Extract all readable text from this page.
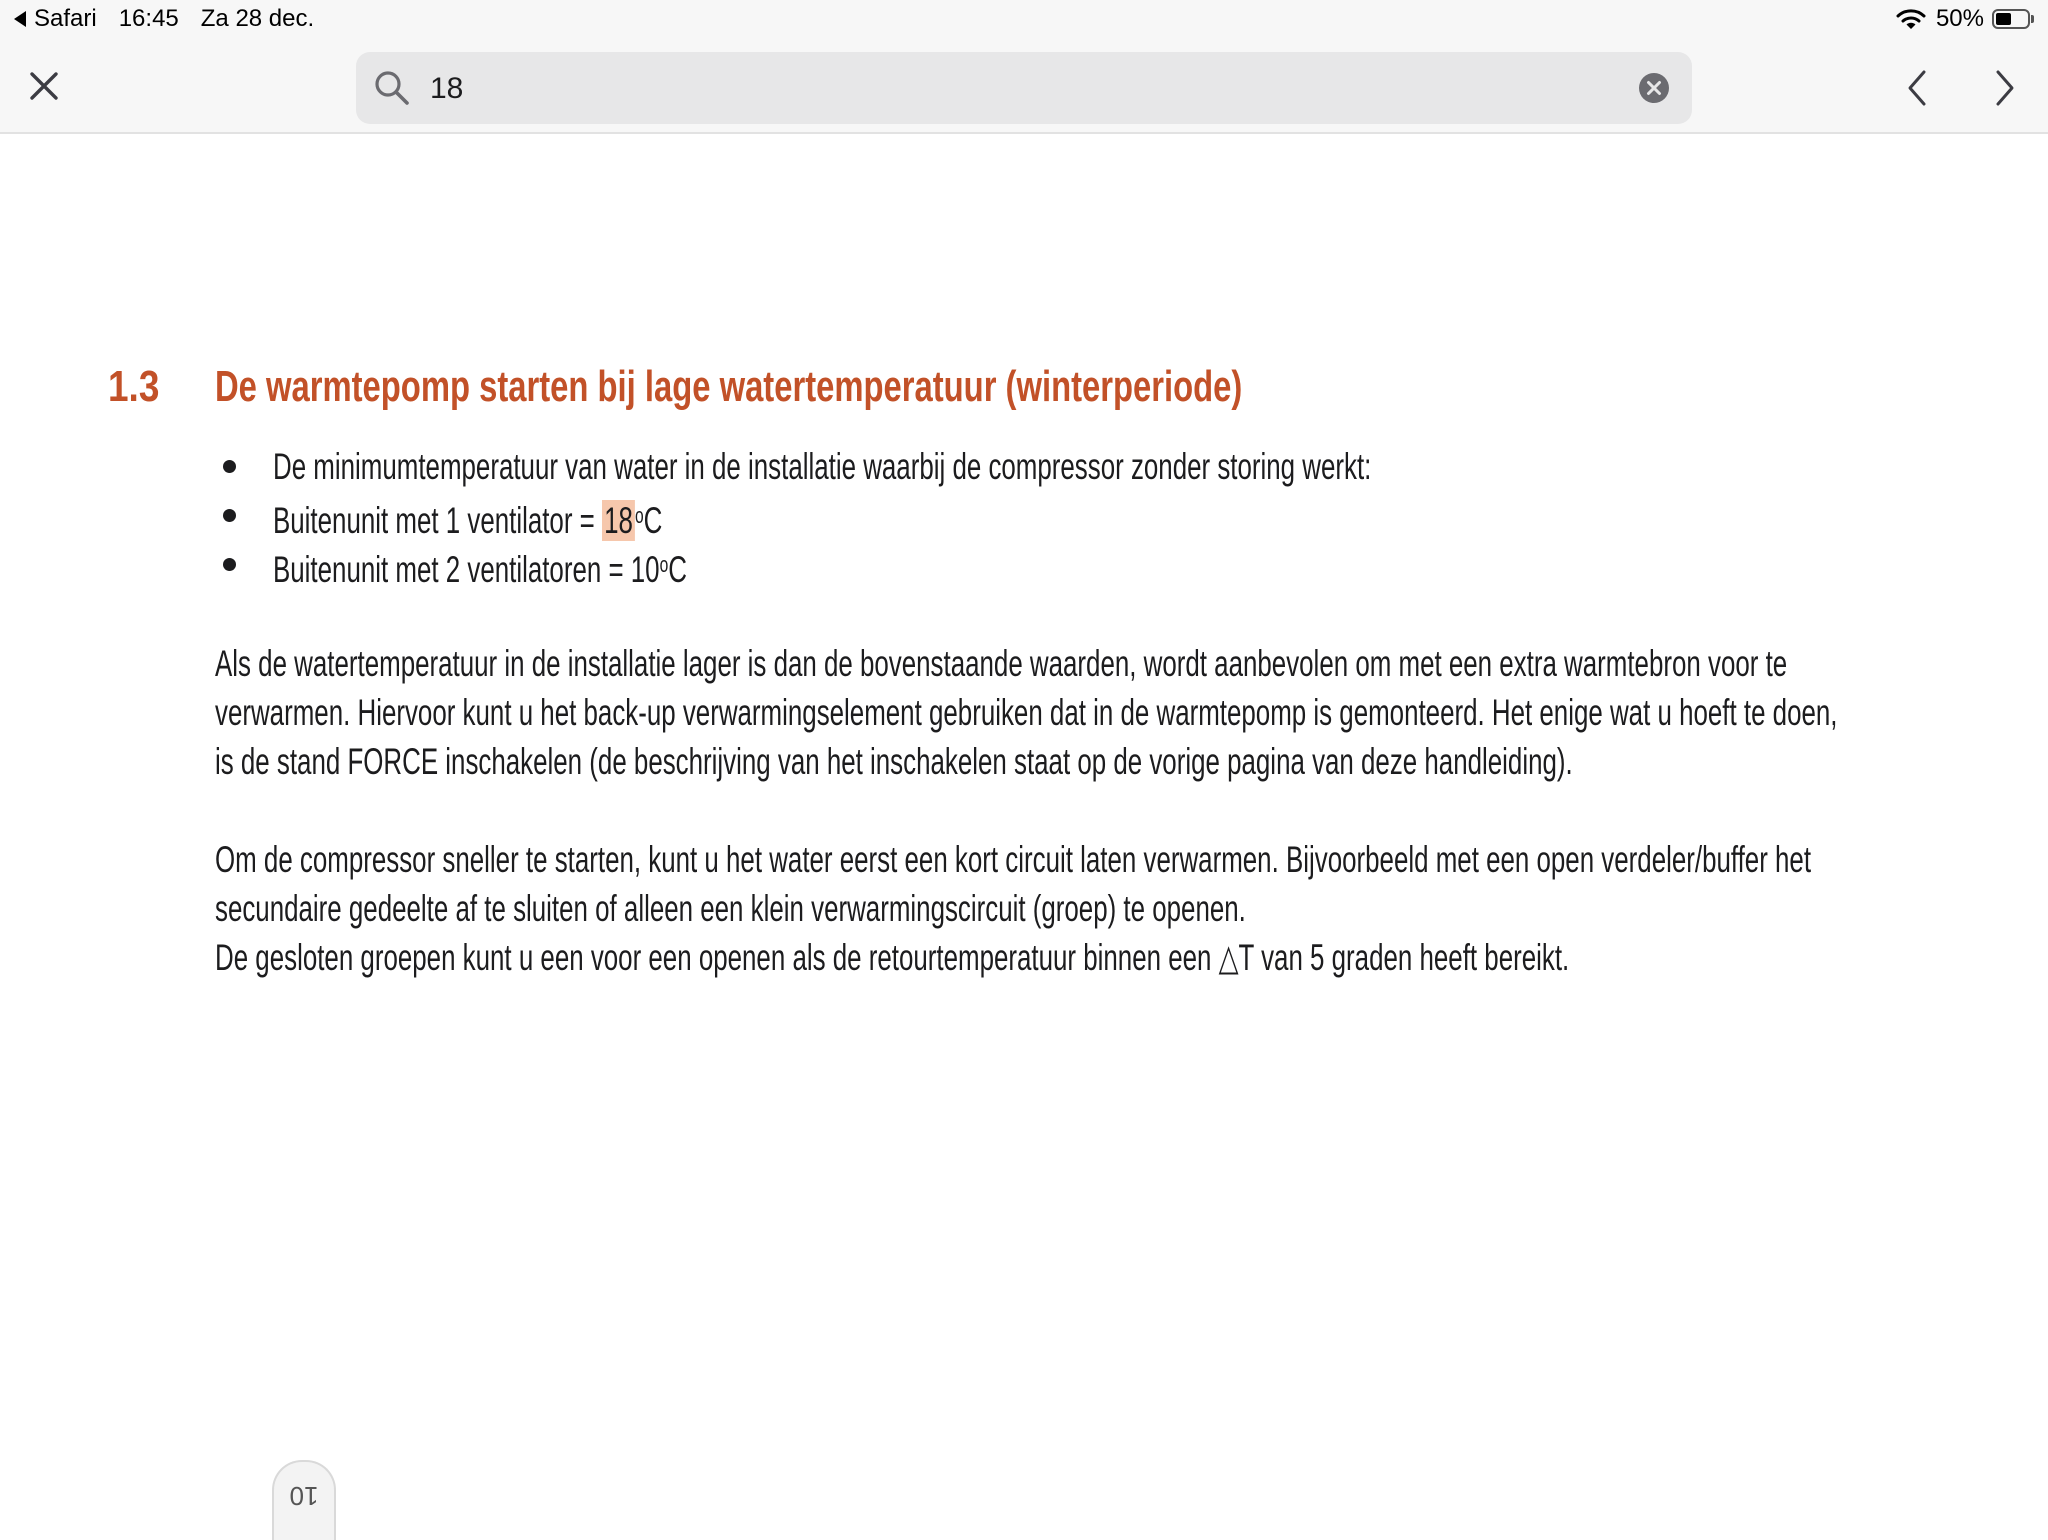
Safari 16:45 Za 28 dec.	50%
18
1.3 De warmtepomp starten bij lage watertemperatuur (winterperiode)
De minimumtemperatuur van water in de installatie waarbij de compressor zonder storing werkt:
Buitenunit met 1 ventilator = $18^oC$
Buitenunit met 2 ventilatoren = $10^oC$
Als de watertemperatuur in de installatie lager is dan de bovenstaande waarden, wordt aanbevolen om met een extra warmtebron voor te
verwarmen. Hiervoor kunt u het back-up verwarmingselement gebruiken dat in de warmtepomp is gemonteerd. Het enige wat u hoeft te doen,
is de stand FORCE inschakelen (de beschrijving van het inschakelen staat op de vorige pagina van deze handleiding).
Om de compressor sneller te starten, kunt u het water eerst een kort circuit laten verwarmen. Bijvoorbeeld met een open verdeler/buffer het
secundaire gedeelte af te sluiten of alleen een klein verwarmingscircuit (groep) te openen.
De gesloten groepen kunt u een voor een openen als de retourtemperatuur binnen een △T van 5 graden heeft bereikt.
10
